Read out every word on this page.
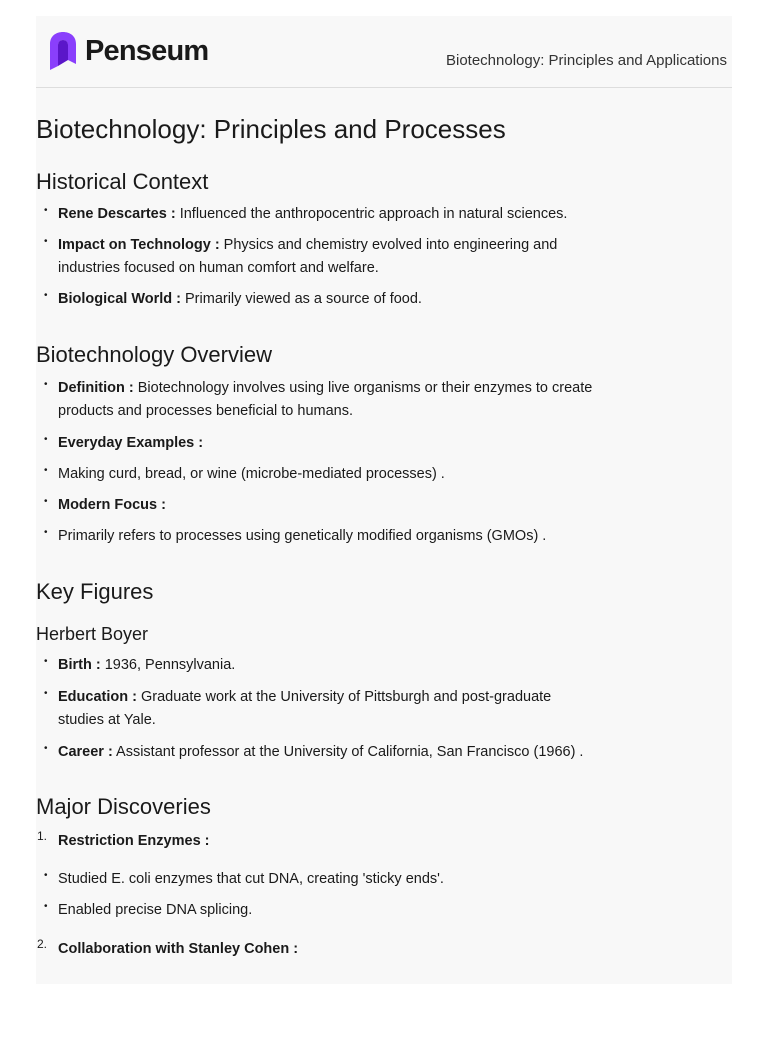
Penseum	Biotechnology: Principles and Applications
Biotechnology: Principles and Processes
Historical Context
• Rene Descartes : Influenced the anthropocentric approach in natural sciences.
• Impact on Technology : Physics and chemistry evolved into engineering and
industries focused on human comfort and welfare.
• Biological World : Primarily viewed as a source of food.
Biotechnology Overview
• Definition : Biotechnology involves using live organisms or their enzymes to create
products and processes beneficial to humans.
• Everyday Examples :
• Making curd, bread, or wine (microbe-mediated processes) .
• Modern Focus :
• Primarily refers to processes using genetically modified organisms (GMOs) .
Key Figures
Herbert Boyer
• Birth : 1936, Pennsylvania.
• Education : Graduate work at the University of Pittsburgh and post-graduate
studies at Yale.
• Career : Assistant professor at the University of California, San Francisco (1966) .
Major Discoveries
1. Restriction Enzymes :
• Studied E. coli enzymes that cut DNA, creating 'sticky ends'.
• Enabled precise DNA splicing.
2. Collaboration with Stanley Cohen :
